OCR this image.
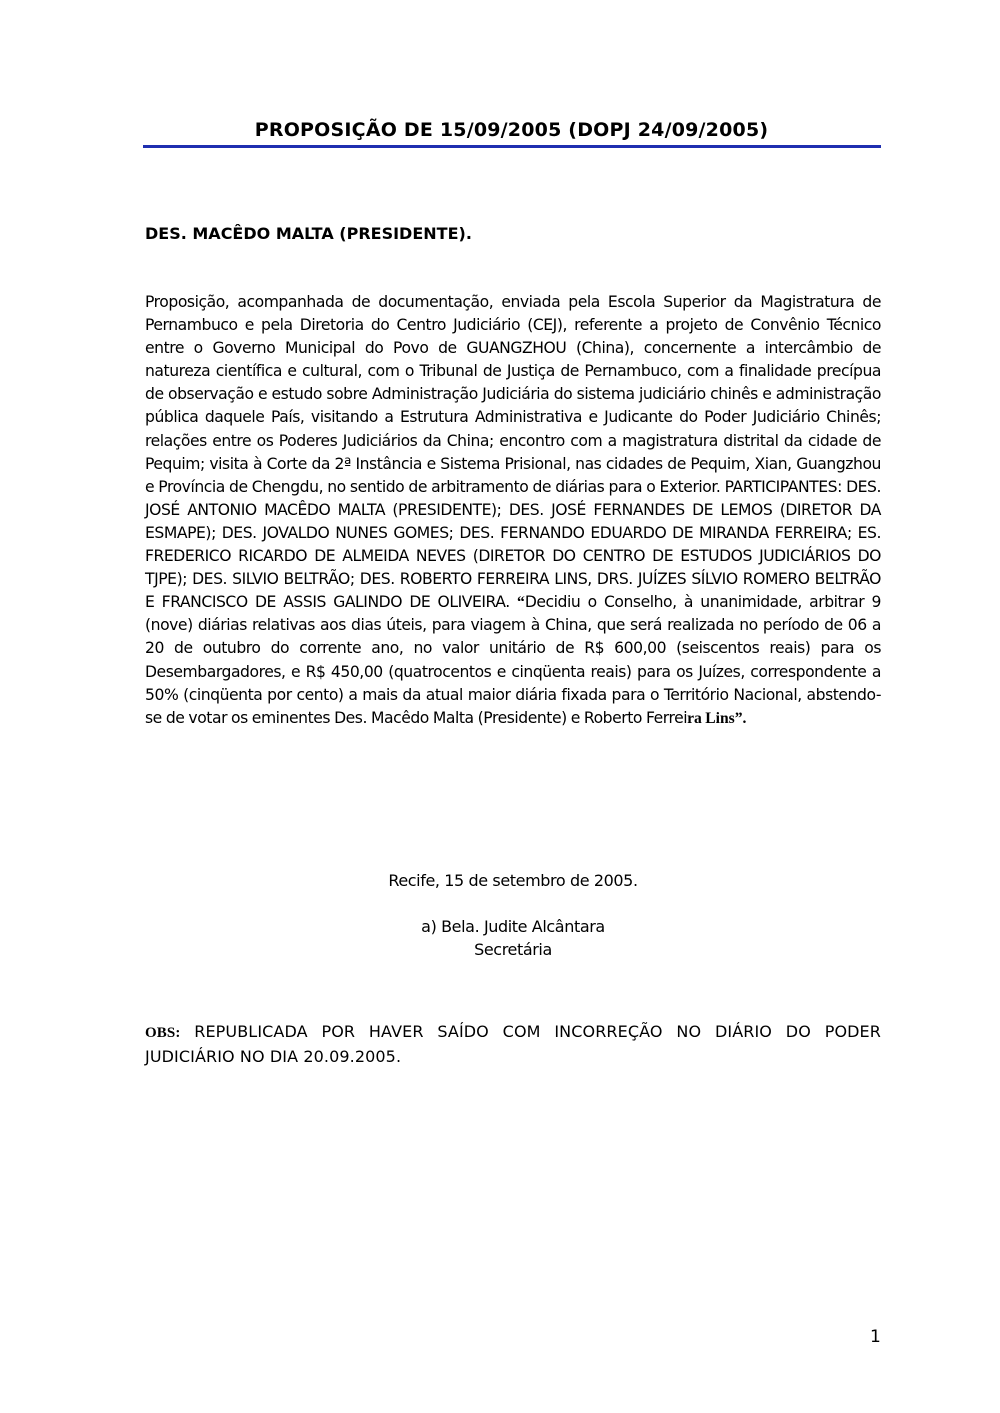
PROPOSIÇÃO DE 15/09/2005 (DOPJ 24/09/2005)
DES. MACÊDO MALTA (PRESIDENTE).
Proposição, acompanhada de documentação, enviada pela Escola Superior da Magistratura de Pernambuco e pela Diretoria do Centro Judiciário (CEJ), referente a projeto de Convênio Técnico entre o Governo Municipal do Povo de GUANGZHOU (China), concernente a intercâmbio de natureza científica e cultural, com o Tribunal de Justiça de Pernambuco, com a finalidade precípua de observação e estudo sobre Administração Judiciária do sistema judiciário chinês e administração pública daquele País, visitando a Estrutura Administrativa e Judicante do Poder Judiciário Chinês; relações entre os Poderes Judiciários da China; encontro com a magistratura distrital da cidade de Pequim; visita à Corte da 2ª Instância e Sistema Prisional, nas cidades de Pequim, Xian, Guangzhou e Província de Chengdu, no sentido de arbitramento de diárias para o Exterior. PARTICIPANTES: DES. JOSÉ ANTONIO MACÊDO MALTA (PRESIDENTE); DES. JOSÉ FERNANDES DE LEMOS (DIRETOR DA ESMAPE); DES. JOVALDO NUNES GOMES; DES. FERNANDO EDUARDO DE MIRANDA FERREIRA; ES. FREDERICO RICARDO DE ALMEIDA NEVES (DIRETOR DO CENTRO DE ESTUDOS JUDICIÁRIOS DO TJPE); DES. SILVIO BELTRÃO; DES. ROBERTO FERREIRA LINS, DRS. JUÍZES SÍLVIO ROMERO BELTRÃO E FRANCISCO DE ASSIS GALINDO DE OLIVEIRA. “Decidiu o Conselho, à unanimidade, arbitrar 9 (nove) diárias relativas aos dias úteis, para viagem à China, que será realizada no período de 06 a 20 de outubro do corrente ano, no valor unitário de R$ 600,00 (seiscentos reais) para os Desembargadores, e R$ 450,00 (quatrocentos e cinqüenta reais) para os Juízes, correspondente a 50% (cinqüenta por cento) a mais da atual maior diária fixada para o Território Nacional, abstendo-se de votar os eminentes Des. Macêdo Malta (Presidente) e Roberto Ferreira Lins”.
Recife, 15 de setembro de 2005.
a) Bela. Judite Alcântara
Secretária
OBS: REPUBLICADA POR HAVER SAÍDO COM INCORREÇÃO NO DIÁRIO DO PODER JUDICIÁRIO NO DIA 20.09.2005.
1
